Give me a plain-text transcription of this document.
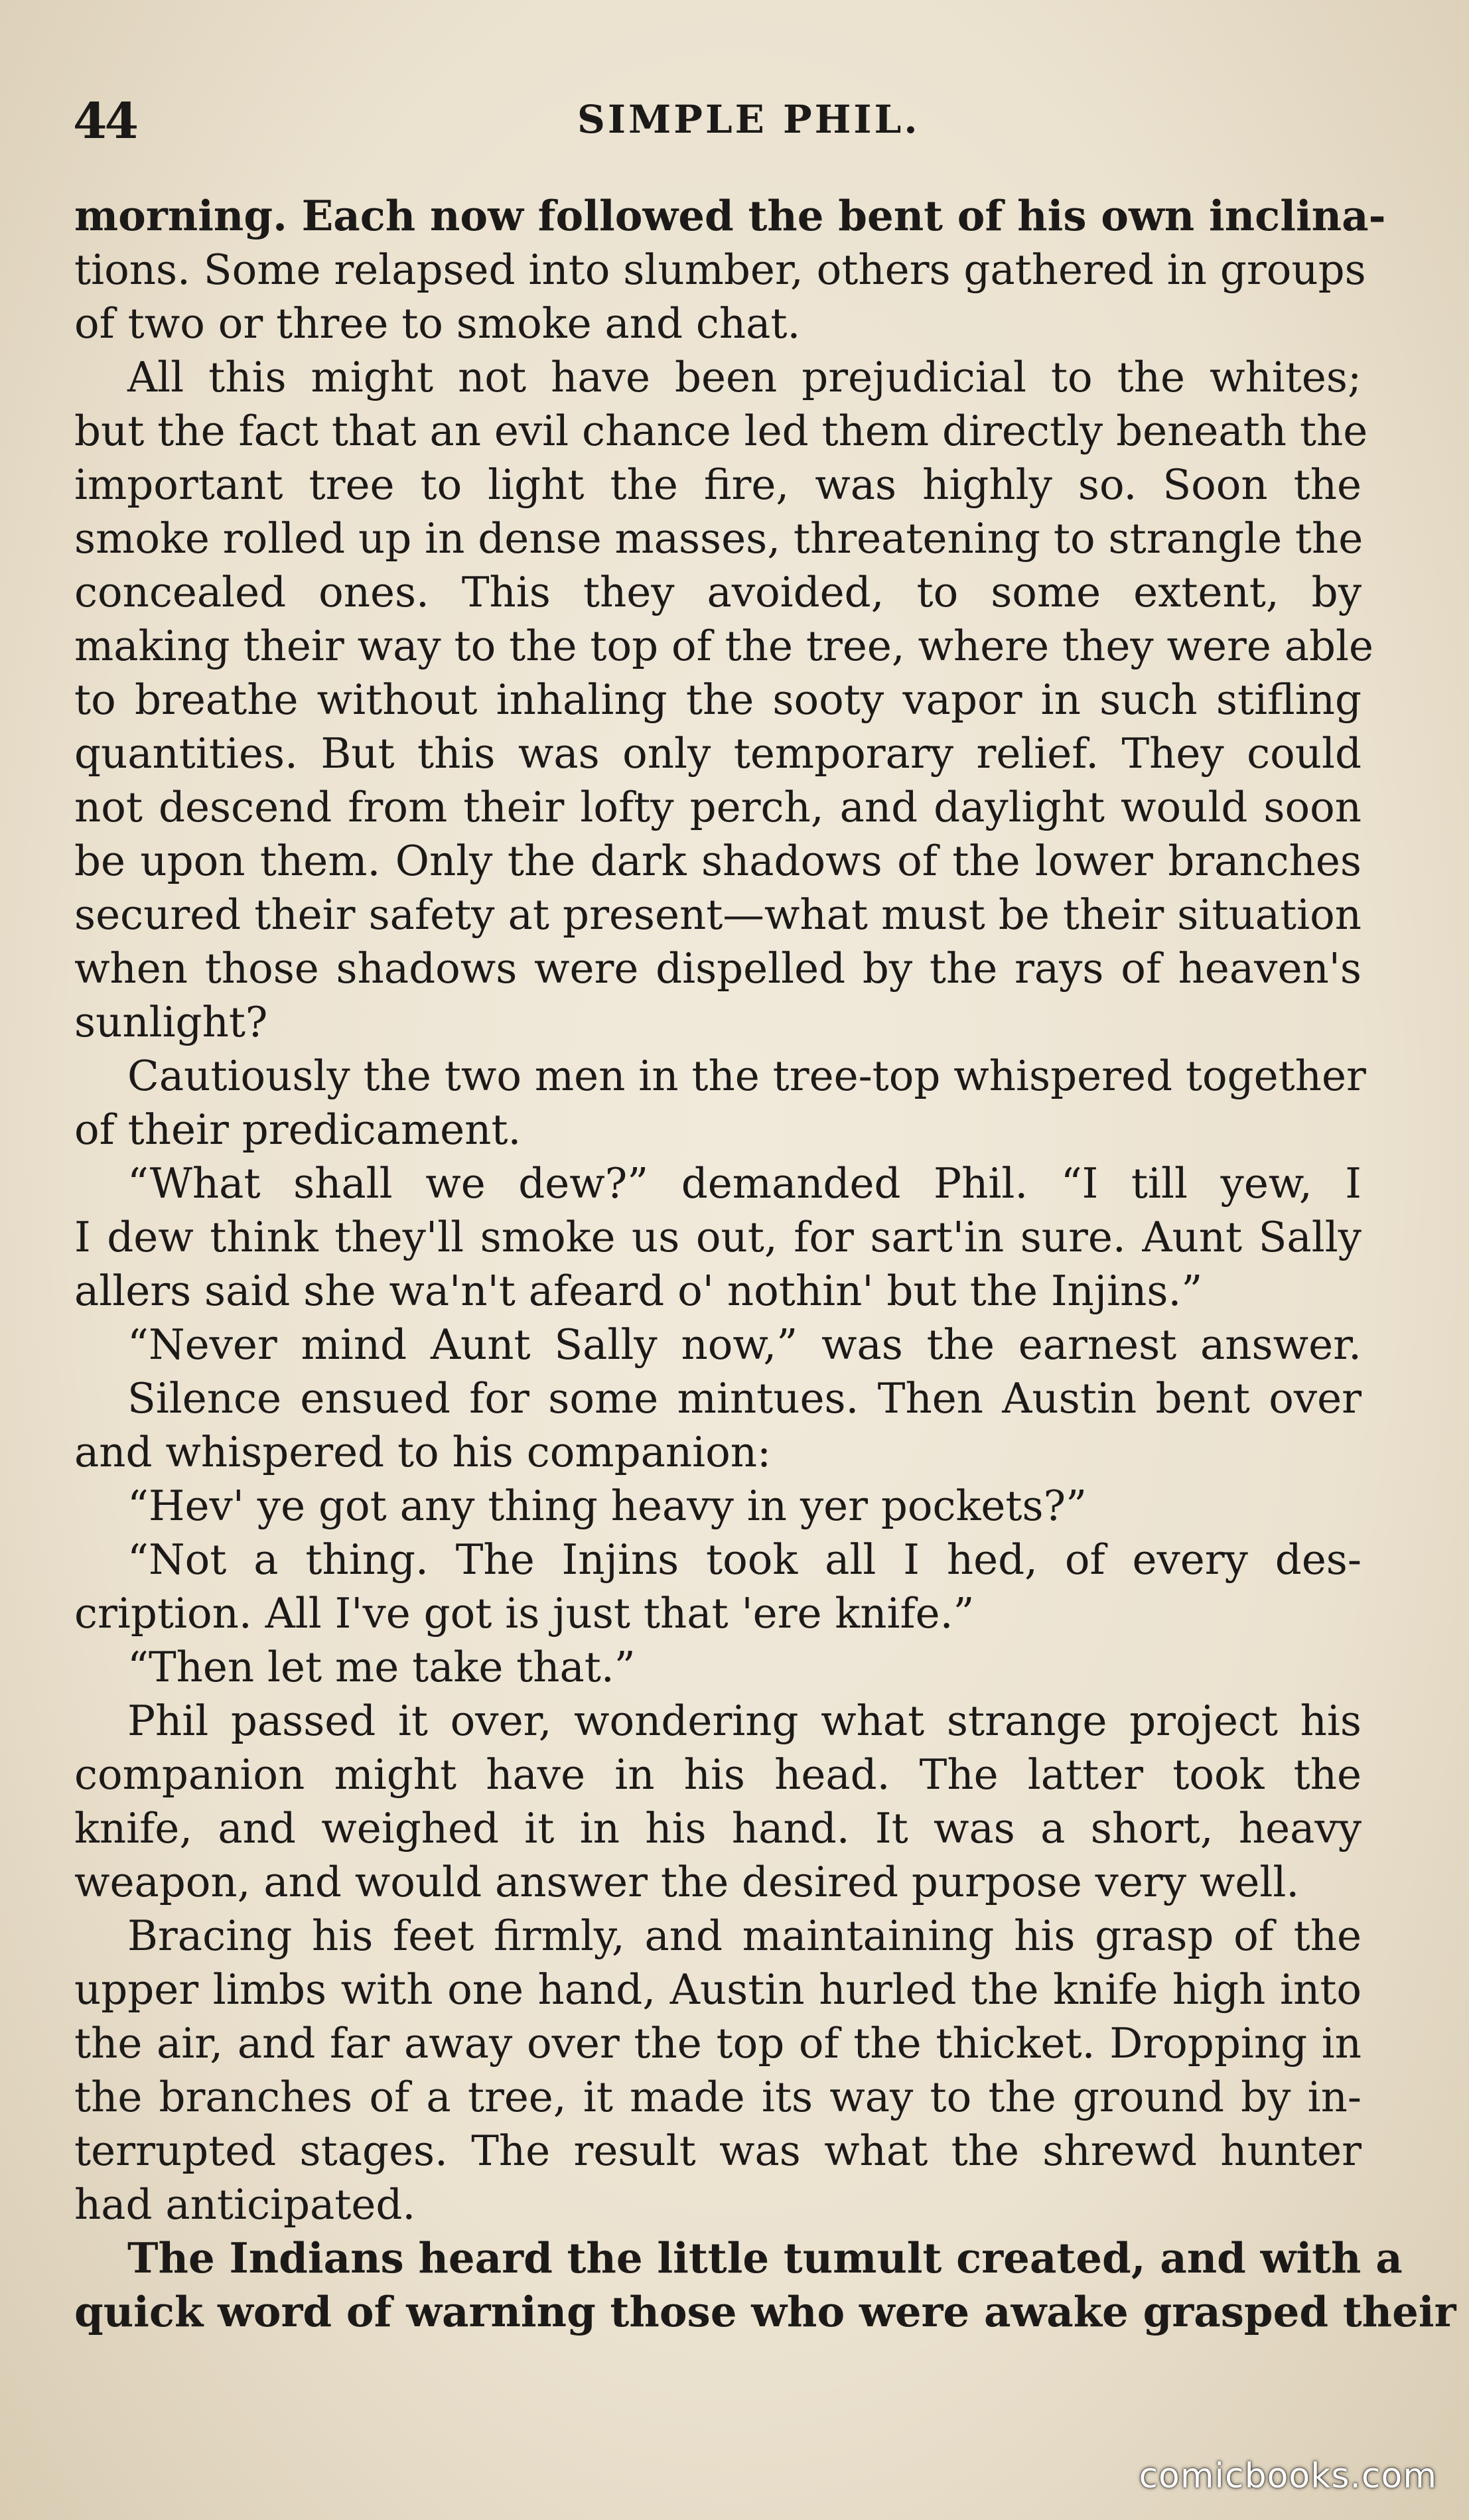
44	SIMPLE PHIL.
morning. Each now followed the bent of his own inclina-
tions. Some relapsed into slumber, others gathered in groups
of two or three to smoke and chat.
All this might not have been prejudicial to the whites;
but the fact that an evil chance led them directly beneath the
important tree to light the fire, was highly so. Soon the
smoke rolled up in dense masses, threatening to strangle the
concealed ones. This they avoided, to some extent, by
making their way to the top of the tree, where they were able
to breathe without inhaling the sooty vapor in such stifling
quantities. But this was only temporary relief. They could
not descend from their lofty perch, and daylight would soon
be upon them. Only the dark shadows of the lower branches
secured their safety at present—what must be their situation
when those shadows were dispelled by the rays of heaven's
sunlight?
Cautiously the two men in the tree-top whispered together
of their predicament.
“What shall we dew?” demanded Phil. “I till yew, I
I dew think they'll smoke us out, for sart'in sure. Aunt Sally
allers said she wa'n't afeard o' nothin' but the Injins.”
“Never mind Aunt Sally now,” was the earnest answer.
Silence ensued for some mintues. Then Austin bent over
and whispered to his companion:
“Hev' ye got any thing heavy in yer pockets?”
“Not a thing. The Injins took all I hed, of every des-
cription. All I've got is just that 'ere knife.”
“Then let me take that.”
Phil passed it over, wondering what strange project his
companion might have in his head. The latter took the
knife, and weighed it in his hand. It was a short, heavy
weapon, and would answer the desired purpose very well.
Bracing his feet firmly, and maintaining his grasp of the
upper limbs with one hand, Austin hurled the knife high into
the air, and far away over the top of the thicket. Dropping in
the branches of a tree, it made its way to the ground by in-
terrupted stages. The result was what the shrewd hunter
had anticipated.
The Indians heard the little tumult created, and with a
quick word of warning those who were awake grasped their
comicbooks.com
